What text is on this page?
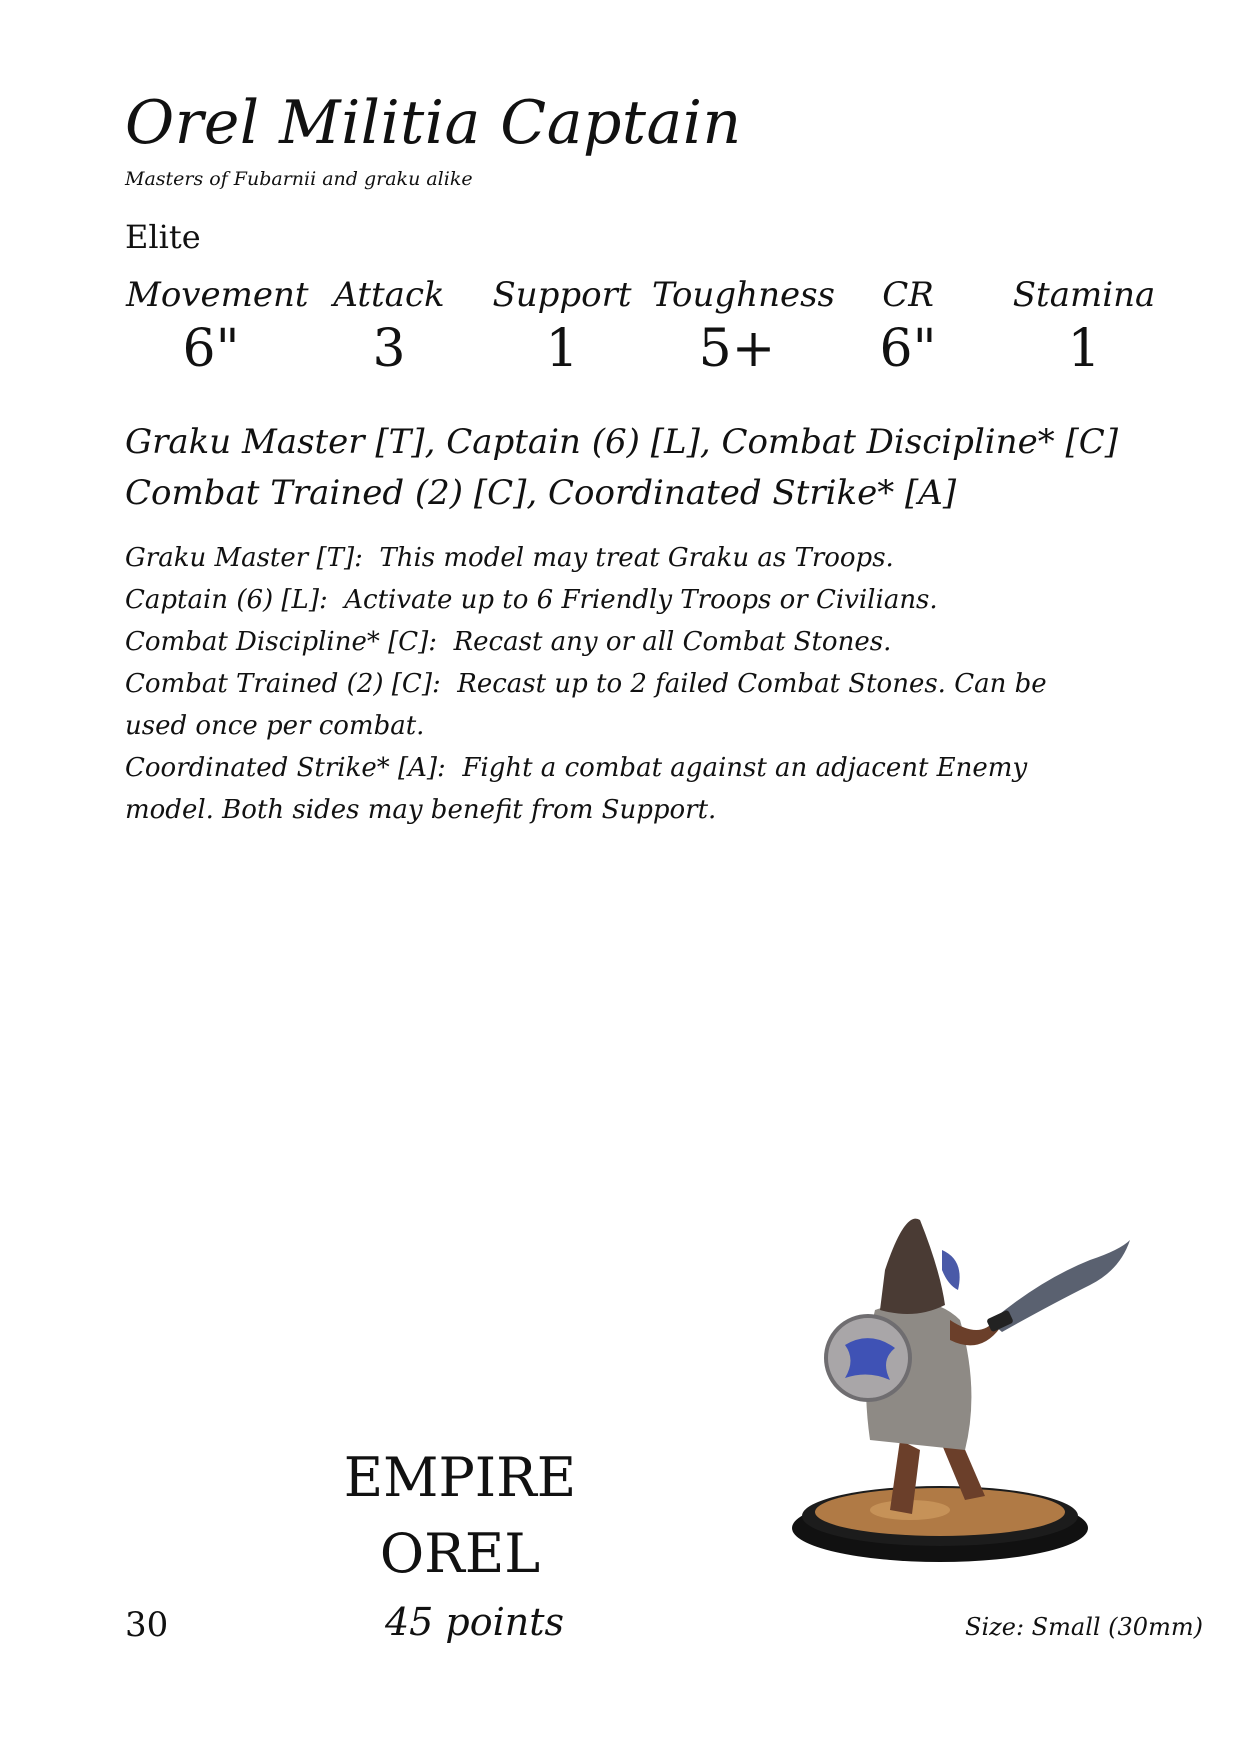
Orel Militia Captain
Masters of Fubarnii and graku alike
Elite
Movement
6"
Attack
3
Support
1
Toughness
5+
CR
6"
Stamina
1
Graku Master [T], Captain (6) [L], Combat Discipline* [C]
Combat Trained (2) [C], Coordinated Strike* [A]

Graku Master [T]: This model may treat Graku as Troops.

Captain (6) [L]: Activate up to 6 Friendly Troops or Civilians.

Combat Discipline* [C]: Recast any or all Combat Stones.

Combat Trained (2) [C]: Recast up to 2 failed Combat Stones. Can be used once per combat.

Coordinated Strike* [A]: Fight a combat against an adjacent Enemy model. Both sides may benefit from Support.

EMPIRE
OREL
30	45 points	Size: Small (30mm)
